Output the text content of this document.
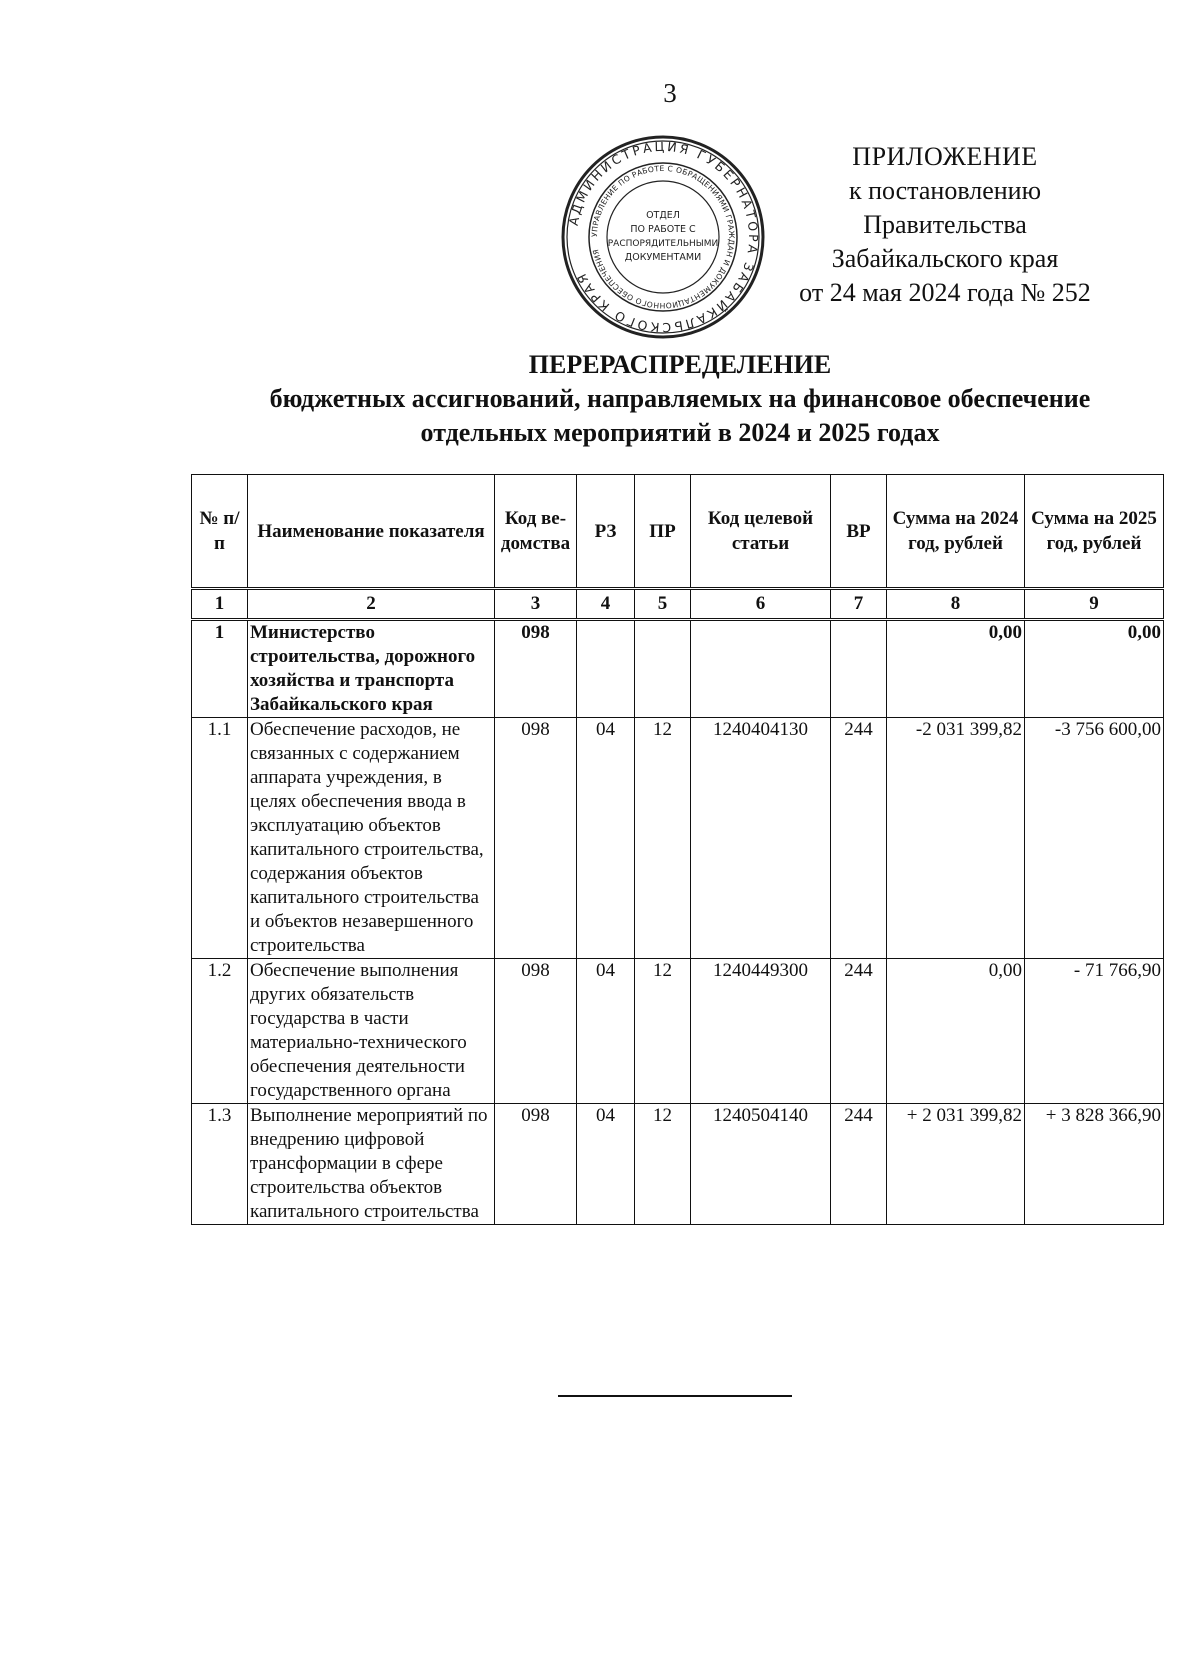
3
АДМИНИСТРАЦИЯ ГУБЕРНАТОРА ЗАБАЙКАЛЬСКОГО КРАЯ
УПРАВЛЕНИЕ ПО РАБОТЕ С ОБРАЩЕНИЯМИ ГРАЖДАН И ДОКУМЕНТАЦИОННОГО ОБЕСПЕЧЕНИЯ
ОТДЕЛ
ПО РАБОТЕ С
РАСПОРЯДИТЕЛЬНЫМИ
ДОКУМЕНТАМИ
ПРИЛОЖЕНИЕ
к постановлению Правительства
Забайкальского края
от 24 мая 2024 года № 252
ПЕРЕРАСПРЕДЕЛЕНИЕ
бюджетных ассигнований, направляемых на финансовое обеспечение
отдельных мероприятий в 2024 и 2025 годах
№ п/п	Наименование показателя	Код ве-домства	РЗ	ПР	Код целевой статьи	ВР	Сумма на 2024 год, рублей	Сумма на 2025 год, рублей
1	2	3	4	5	6	7	8	9
1	Министерство строительства, дорожного хозяйства и транспорта Забайкальского края	098					0,00	0,00
1.1	Обеспечение расходов, не связанных с содержанием аппарата учреждения, в целях обеспечения ввода в эксплуатацию объектов капитального строительства, содержания объектов капитального строительства и объектов незавершенного строительства	098	04	12	1240404130	244	-2 031 399,82	-3 756 600,00
1.2	Обеспечение выполнения других обязательств государства в части материально-технического обеспечения деятельности государственного органа	098	04	12	1240449300	244	0,00	- 71 766,90
1.3	Выполнение мероприятий по внедрению цифровой трансформации в сфере строительства объектов капитального строительства	098	04	12	1240504140	244	+ 2 031 399,82	+ 3 828 366,90
